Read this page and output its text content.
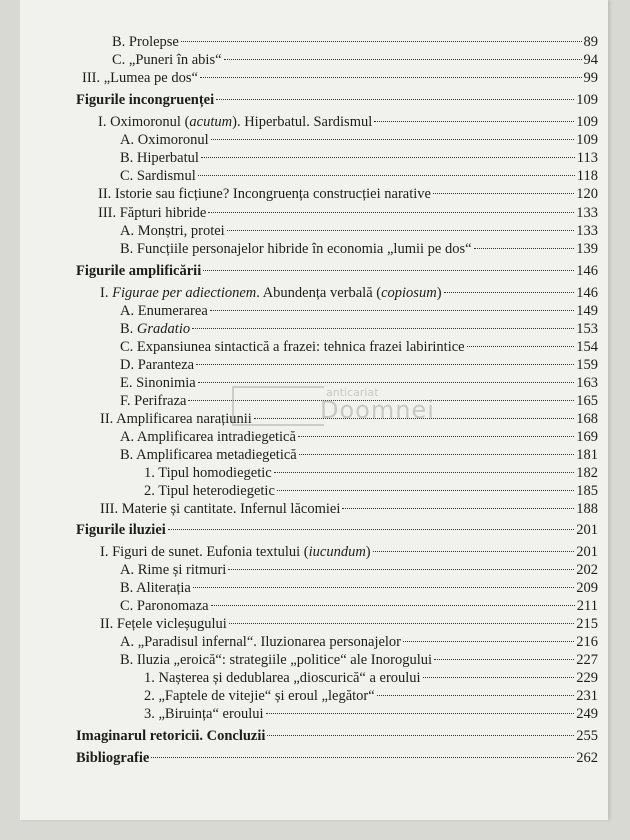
B. Prolepse	89
C. „Puneri în abis“	94
III. „Lumea pe dos“	99
Figurile incongruenței	109
I. Oximoronul (acutum). Hiperbatul. Sardismul	109
A. Oximoronul	109
B. Hiperbatul	113
C. Sardismul	118
II. Istorie sau ficțiune? Incongruența construcției narative	120
III. Făpturi hibride	133
A. Monștri, protei	133
B. Funcțiile personajelor hibride în economia „lumii pe dos“	139
Figurile amplificării	146
I. Figurae per adiectionem. Abundența verbală (copiosum)	146
A. Enumerarea	149
B. Gradatio	153
C. Expansiunea sintactică a frazei: tehnica frazei labirintice	154
D. Paranteza	159
E. Sinonimia	163
F. Perifraza	165
II. Amplificarea narațiunii	168
A. Amplificarea intradiegetică	169
B. Amplificarea metadiegetică	181
1. Tipul homodiegetic	182
2. Tipul heterodiegetic	185
III. Materie și cantitate. Infernul lăcomiei	188
Figurile iluziei	201
I. Figuri de sunet. Eufonia textului (iucundum)	201
A. Rime și ritmuri	202
B. Aliterația	209
C. Paronomaza	211
II. Fețele vicleșugului	215
A. „Paradisul infernal“. Iluzionarea personajelor	216
B. Iluzia „eroică“: strategiile „politice“ ale Inorogului	227
1. Nașterea și dedublarea „dioscurică“ a eroului	229
2. „Faptele de vitejie“ și eroul „legător“	231
3. „Biruința“ eroului	249
Imaginarul retoricii. Concluzii	255
Bibliografie	262
anticariat
Doomnei
